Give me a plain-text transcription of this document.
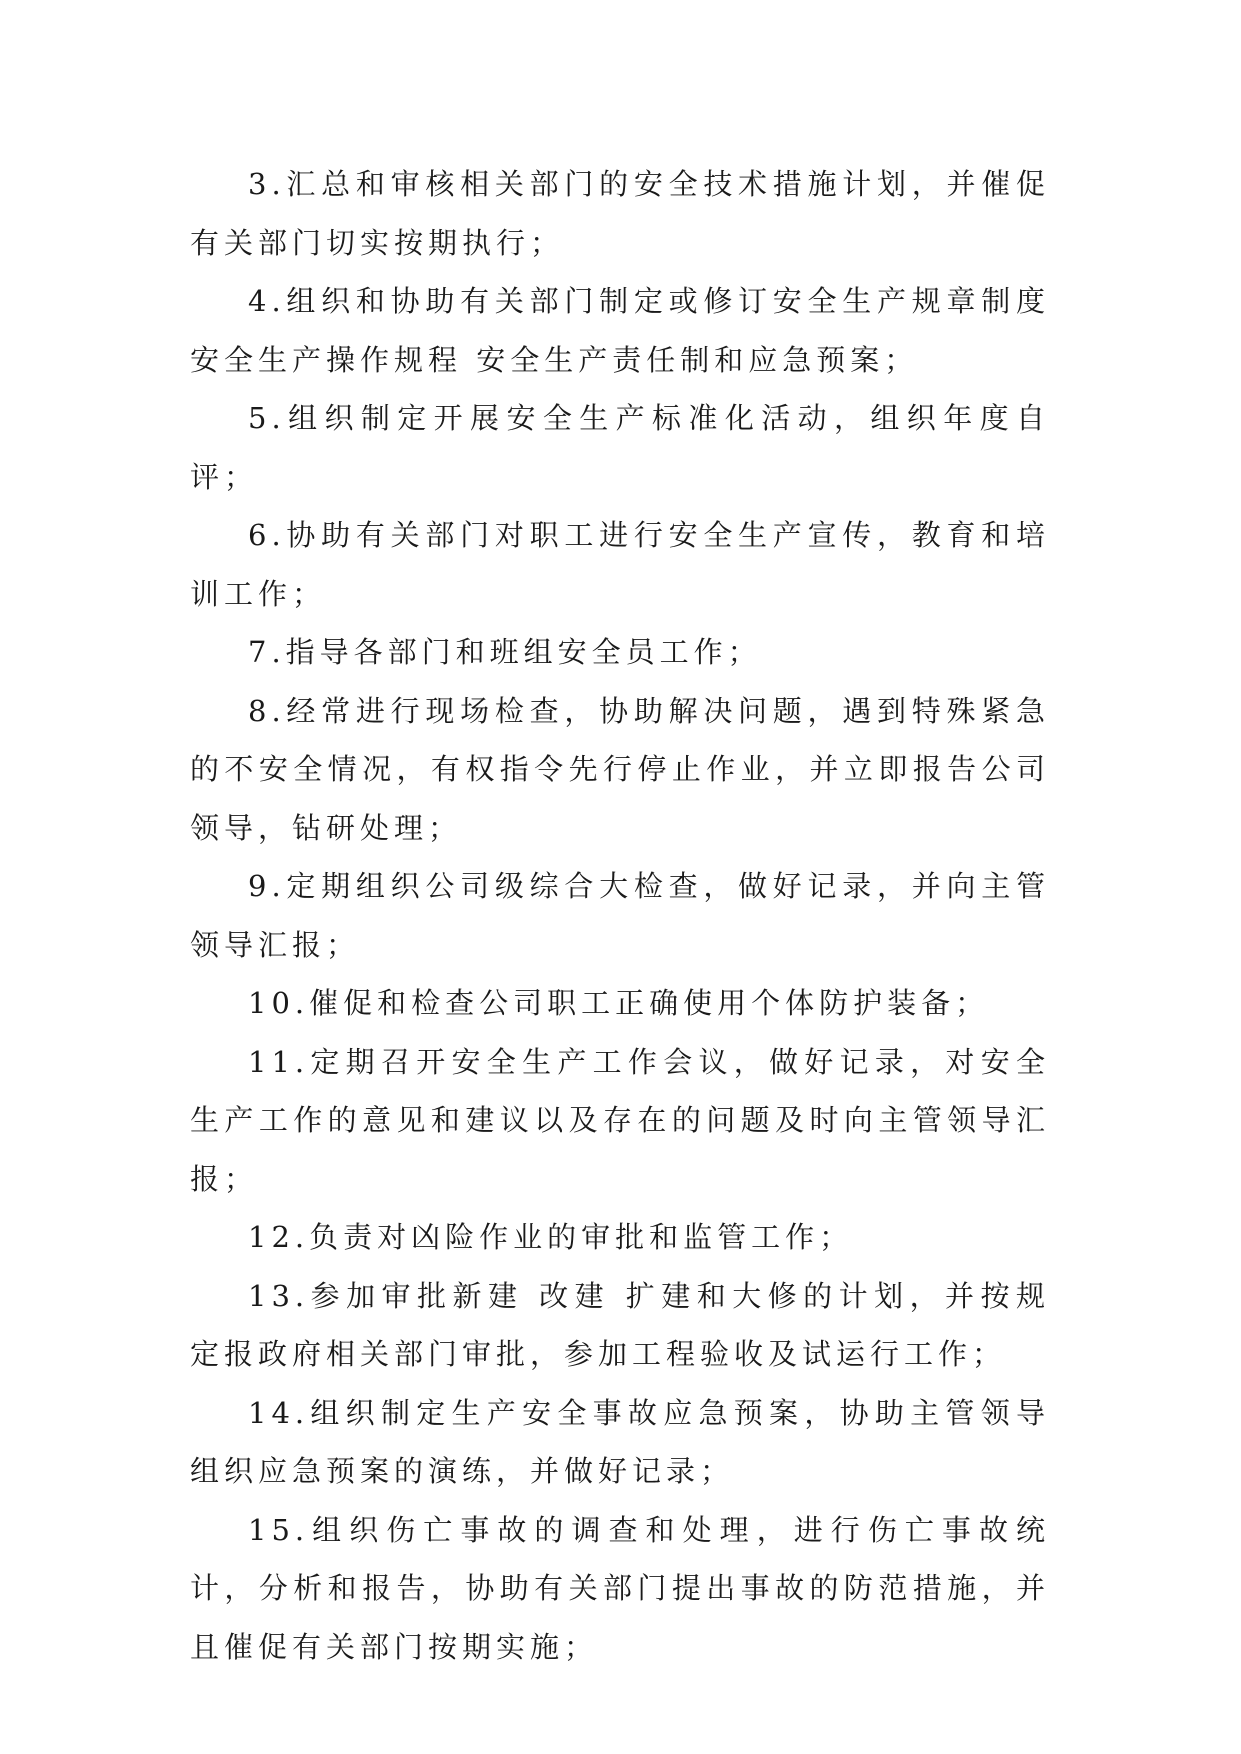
3.汇总和审核相关部门的安全技术措施计划，并催促有关部门切实按期执行；

4.组织和协助有关部门制定或修订安全生产规章制度安全生产操作规程 安全生产责任制和应急预案；

5.组织制定开展安全生产标准化活动，组织年度自评；

6.协助有关部门对职工进行安全生产宣传，教育和培训工作；

7.指导各部门和班组安全员工作；

8.经常进行现场检查，协助解决问题，遇到特殊紧急的不安全情况，有权指令先行停止作业，并立即报告公司领导，钻研处理；

9.定期组织公司级综合大检查，做好记录，并向主管领导汇报；

10.催促和检查公司职工正确使用个体防护装备；

11.定期召开安全生产工作会议，做好记录，对安全生产工作的意见和建议以及存在的问题及时向主管领导汇报；

12.负责对凶险作业的审批和监管工作；

13.参加审批新建 改建 扩建和大修的计划，并按规定报政府相关部门审批，参加工程验收及试运行工作；

14.组织制定生产安全事故应急预案，协助主管领导组织应急预案的演练，并做好记录；

15.组织伤亡事故的调查和处理，进行伤亡事故统计，分析和报告，协助有关部门提出事故的防范措施，并且催促有关部门按期实施；
